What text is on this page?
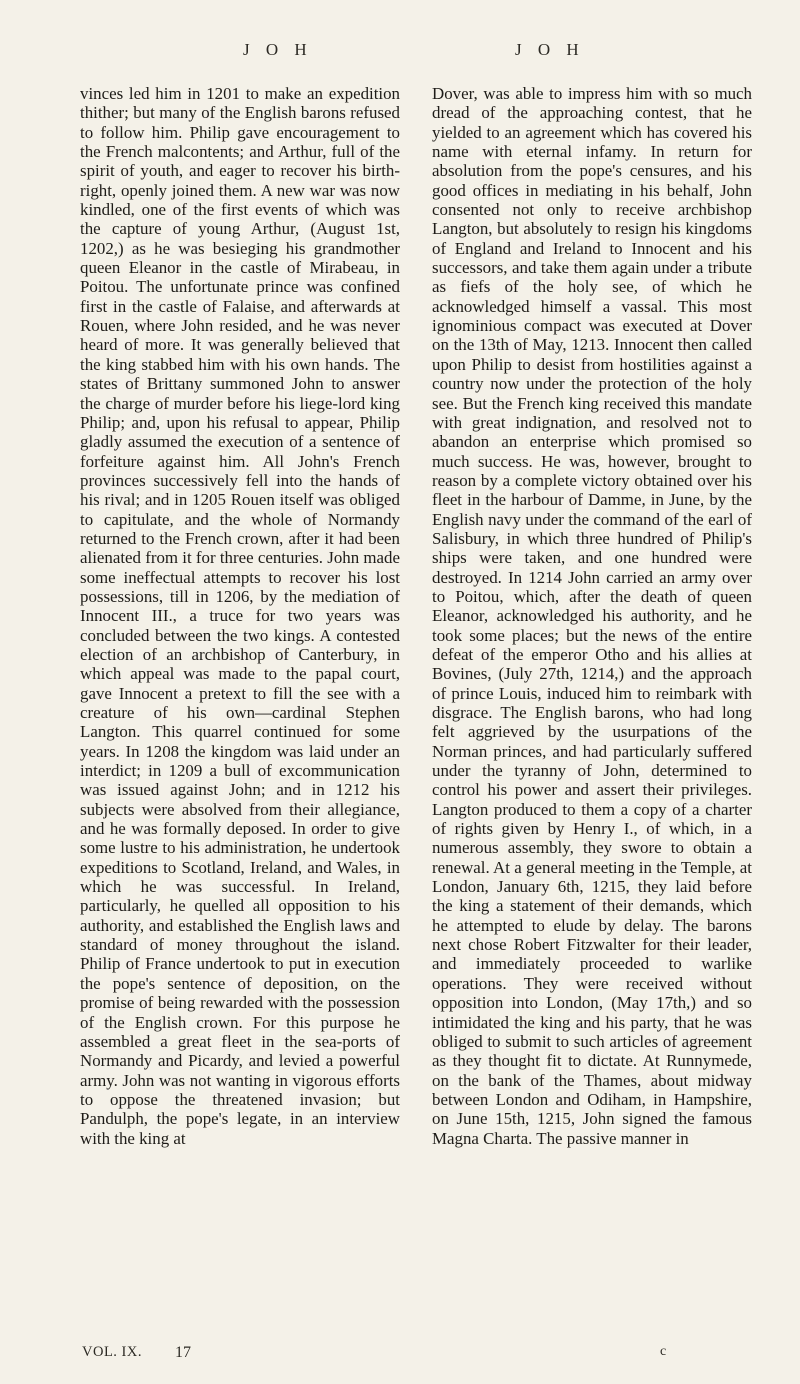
J O H	J O H

vinces led him in 1201 to make an expedition thither; but many of the English barons refused to follow him. Philip gave encouragement to the French malcontents; and Arthur, full of the spirit of youth, and eager to recover his birth-right, openly joined them. A new war was now kindled, one of the first events of which was the capture of young Arthur, (August 1st, 1202,) as he was besieging his grandmother queen Eleanor in the castle of Mirabeau, in Poitou. The unfortunate prince was confined first in the castle of Falaise, and afterwards at Rouen, where John resided, and he was never heard of more. It was generally believed that the king stabbed him with his own hands. The states of Brittany summoned John to answer the charge of murder before his liege-lord king Philip; and, upon his refusal to appear, Philip gladly assumed the execution of a sentence of forfeiture against him. All John's French provinces successively fell into the hands of his rival; and in 1205 Rouen itself was obliged to capitulate, and the whole of Normandy returned to the French crown, after it had been alienated from it for three centuries. John made some ineffectual attempts to recover his lost possessions, till in 1206, by the mediation of Innocent III., a truce for two years was concluded between the two kings. A contested election of an archbishop of Canterbury, in which appeal was made to the papal court, gave Innocent a pretext to fill the see with a creature of his own—cardinal Stephen Langton. This quarrel continued for some years. In 1208 the kingdom was laid under an interdict; in 1209 a bull of excommunication was issued against John; and in 1212 his subjects were absolved from their allegiance, and he was formally deposed. In order to give some lustre to his administration, he undertook expeditions to Scotland, Ireland, and Wales, in which he was successful. In Ireland, particularly, he quelled all opposition to his authority, and established the English laws and standard of money throughout the island. Philip of France undertook to put in execution the pope's sentence of deposition, on the promise of being rewarded with the possession of the English crown. For this purpose he assembled a great fleet in the sea-ports of Normandy and Picardy, and levied a powerful army. John was not wanting in vigorous efforts to oppose the threatened invasion; but Pandulph, the pope's legate, in an interview with the king at

Dover, was able to impress him with so much dread of the approaching contest, that he yielded to an agreement which has covered his name with eternal infamy. In return for absolution from the pope's censures, and his good offices in mediating in his behalf, John consented not only to receive archbishop Langton, but absolutely to resign his kingdoms of England and Ireland to Innocent and his successors, and take them again under a tribute as fiefs of the holy see, of which he acknowledged himself a vassal. This most ignominious compact was executed at Dover on the 13th of May, 1213. Innocent then called upon Philip to desist from hostilities against a country now under the protection of the holy see. But the French king received this mandate with great indignation, and resolved not to abandon an enterprise which promised so much success. He was, however, brought to reason by a complete victory obtained over his fleet in the harbour of Damme, in June, by the English navy under the command of the earl of Salisbury, in which three hundred of Philip's ships were taken, and one hundred were destroyed. In 1214 John carried an army over to Poitou, which, after the death of queen Eleanor, acknowledged his authority, and he took some places; but the news of the entire defeat of the emperor Otho and his allies at Bovines, (July 27th, 1214,) and the approach of prince Louis, induced him to reimbark with disgrace. The English barons, who had long felt aggrieved by the usurpations of the Norman princes, and had particularly suffered under the tyranny of John, determined to control his power and assert their privileges. Langton produced to them a copy of a charter of rights given by Henry I., of which, in a numerous assembly, they swore to obtain a renewal. At a general meeting in the Temple, at London, January 6th, 1215, they laid before the king a statement of their demands, which he attempted to elude by delay. The barons next chose Robert Fitzwalter for their leader, and immediately proceeded to warlike operations. They were received without opposition into London, (May 17th,) and so intimidated the king and his party, that he was obliged to submit to such articles of agreement as they thought fit to dictate. At Runnymede, on the bank of the Thames, about midway between London and Odiham, in Hampshire, on June 15th, 1215, John signed the famous Magna Charta. The passive manner in

VOL. IX.	17	c
